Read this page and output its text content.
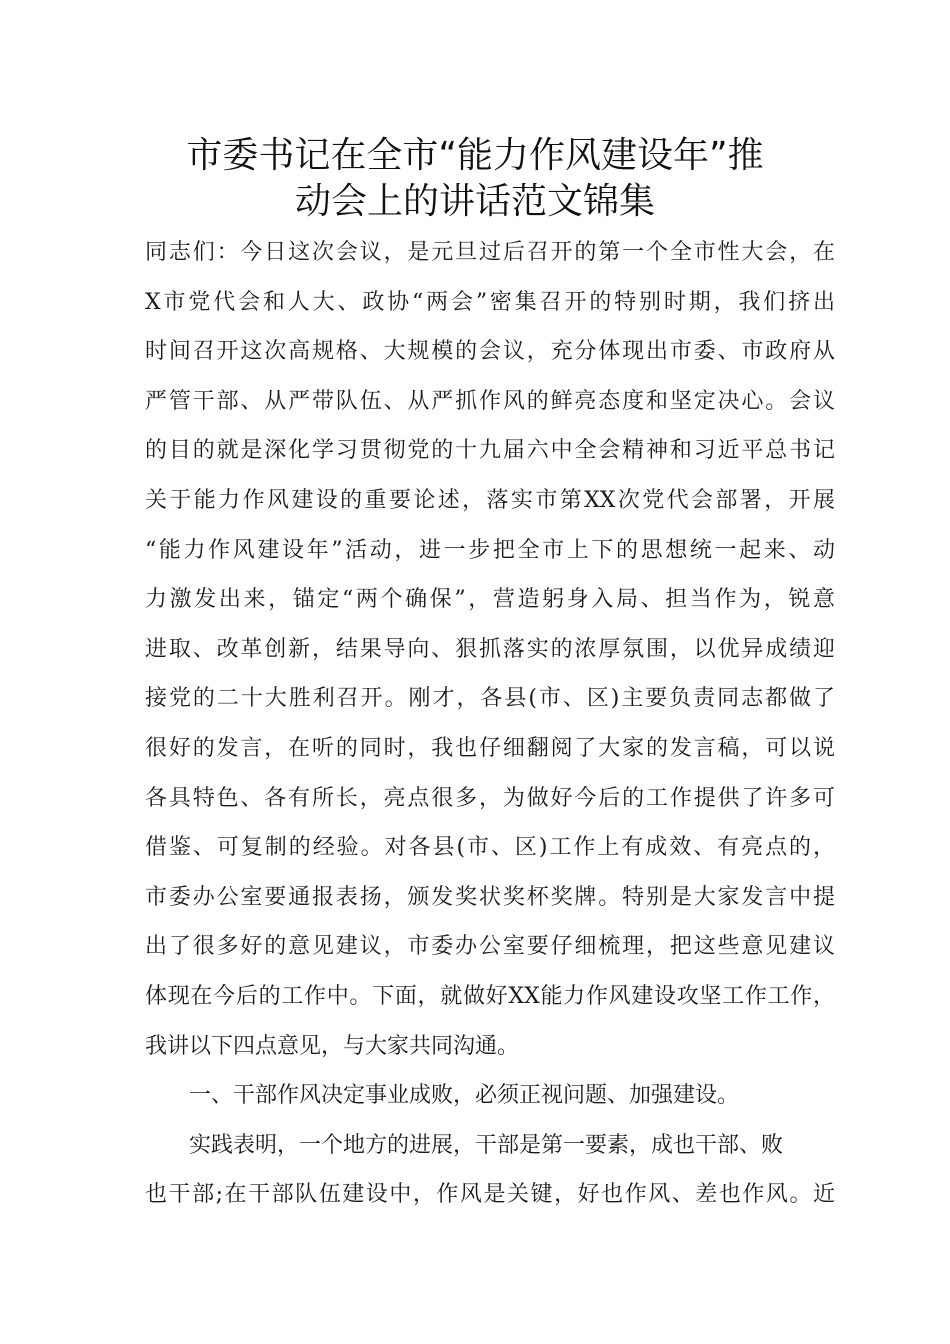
市委书记在全市“能力作风建设年”推
动会上的讲话范文锦集
同志们：今日这次会议，是元旦过后召开的第一个全市性大会，在
X市党代会和人大、政协“两会”密集召开的特别时期，我们挤出
时间召开这次高规格、大规模的会议，充分体现出市委、市政府从
严管干部、从严带队伍、从严抓作风的鲜亮态度和坚定决心。会议
的目的就是深化学习贯彻党的十九届六中全会精神和习近平总书记
关于能力作风建设的重要论述，落实市第XX次党代会部署，开展
“能力作风建设年”活动，进一步把全市上下的思想统一起来、动
力激发出来，锚定“两个确保”，营造躬身入局、担当作为，锐意
进取、改革创新，结果导向、狠抓落实的浓厚氛围，以优异成绩迎
接党的二十大胜利召开。刚才，各县(市、区)主要负责同志都做了
很好的发言，在听的同时，我也仔细翻阅了大家的发言稿，可以说
各具特色、各有所长，亮点很多，为做好今后的工作提供了许多可
借鉴、可复制的经验。对各县(市、区)工作上有成效、有亮点的，
市委办公室要通报表扬，颁发奖状奖杯奖牌。特别是大家发言中提
出了很多好的意见建议，市委办公室要仔细梳理，把这些意见建议
体现在今后的工作中。下面，就做好XX能力作风建设攻坚工作工作，
我讲以下四点意见，与大家共同沟通。
一、干部作风决定事业成败，必须正视问题、加强建设。
实践表明，一个地方的进展，干部是第一要素，成也干部、败
也干部;在干部队伍建设中，作风是关键，好也作风、差也作风。近
